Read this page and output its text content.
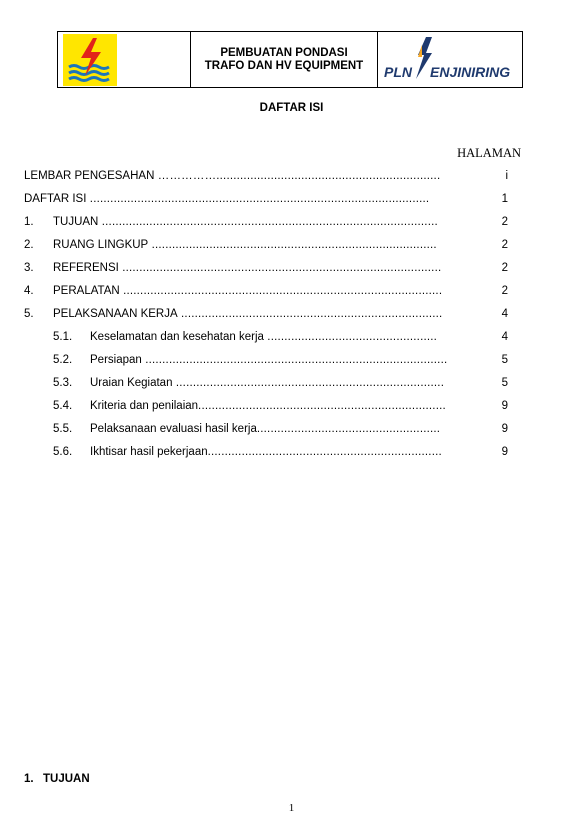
PEMBUATAN PONDASI
TRAFO DAN HV EQUIPMENT PLN ENJINIRING
DAFTAR ISI
HALAMAN
LEMBAR PENGESAHAN ……………..................................................................	i
DAFTAR ISI ....................................................................................................	1
1. TUJUAN ...................................................................................................	2
2. RUANG LINGKUP ....................................................................................	2
3. REFERENSI ..............................................................................................	2
4. PERALATAN ..............................................................................................	2
5. PELAKSANAAN KERJA .............................................................................	4
5.1. Keselamatan dan kesehatan kerja ..................................................	4
5.2. Persiapan .........................................................................................	5
5.3. Uraian Kegiatan ...............................................................................	5
5.4. Kriteria dan penilaian.........................................................................	9
5.5. Pelaksanaan evaluasi hasil kerja......................................................	9
5.6. Ikhtisar hasil pekerjaan.....................................................................	9
1. TUJUAN
1
